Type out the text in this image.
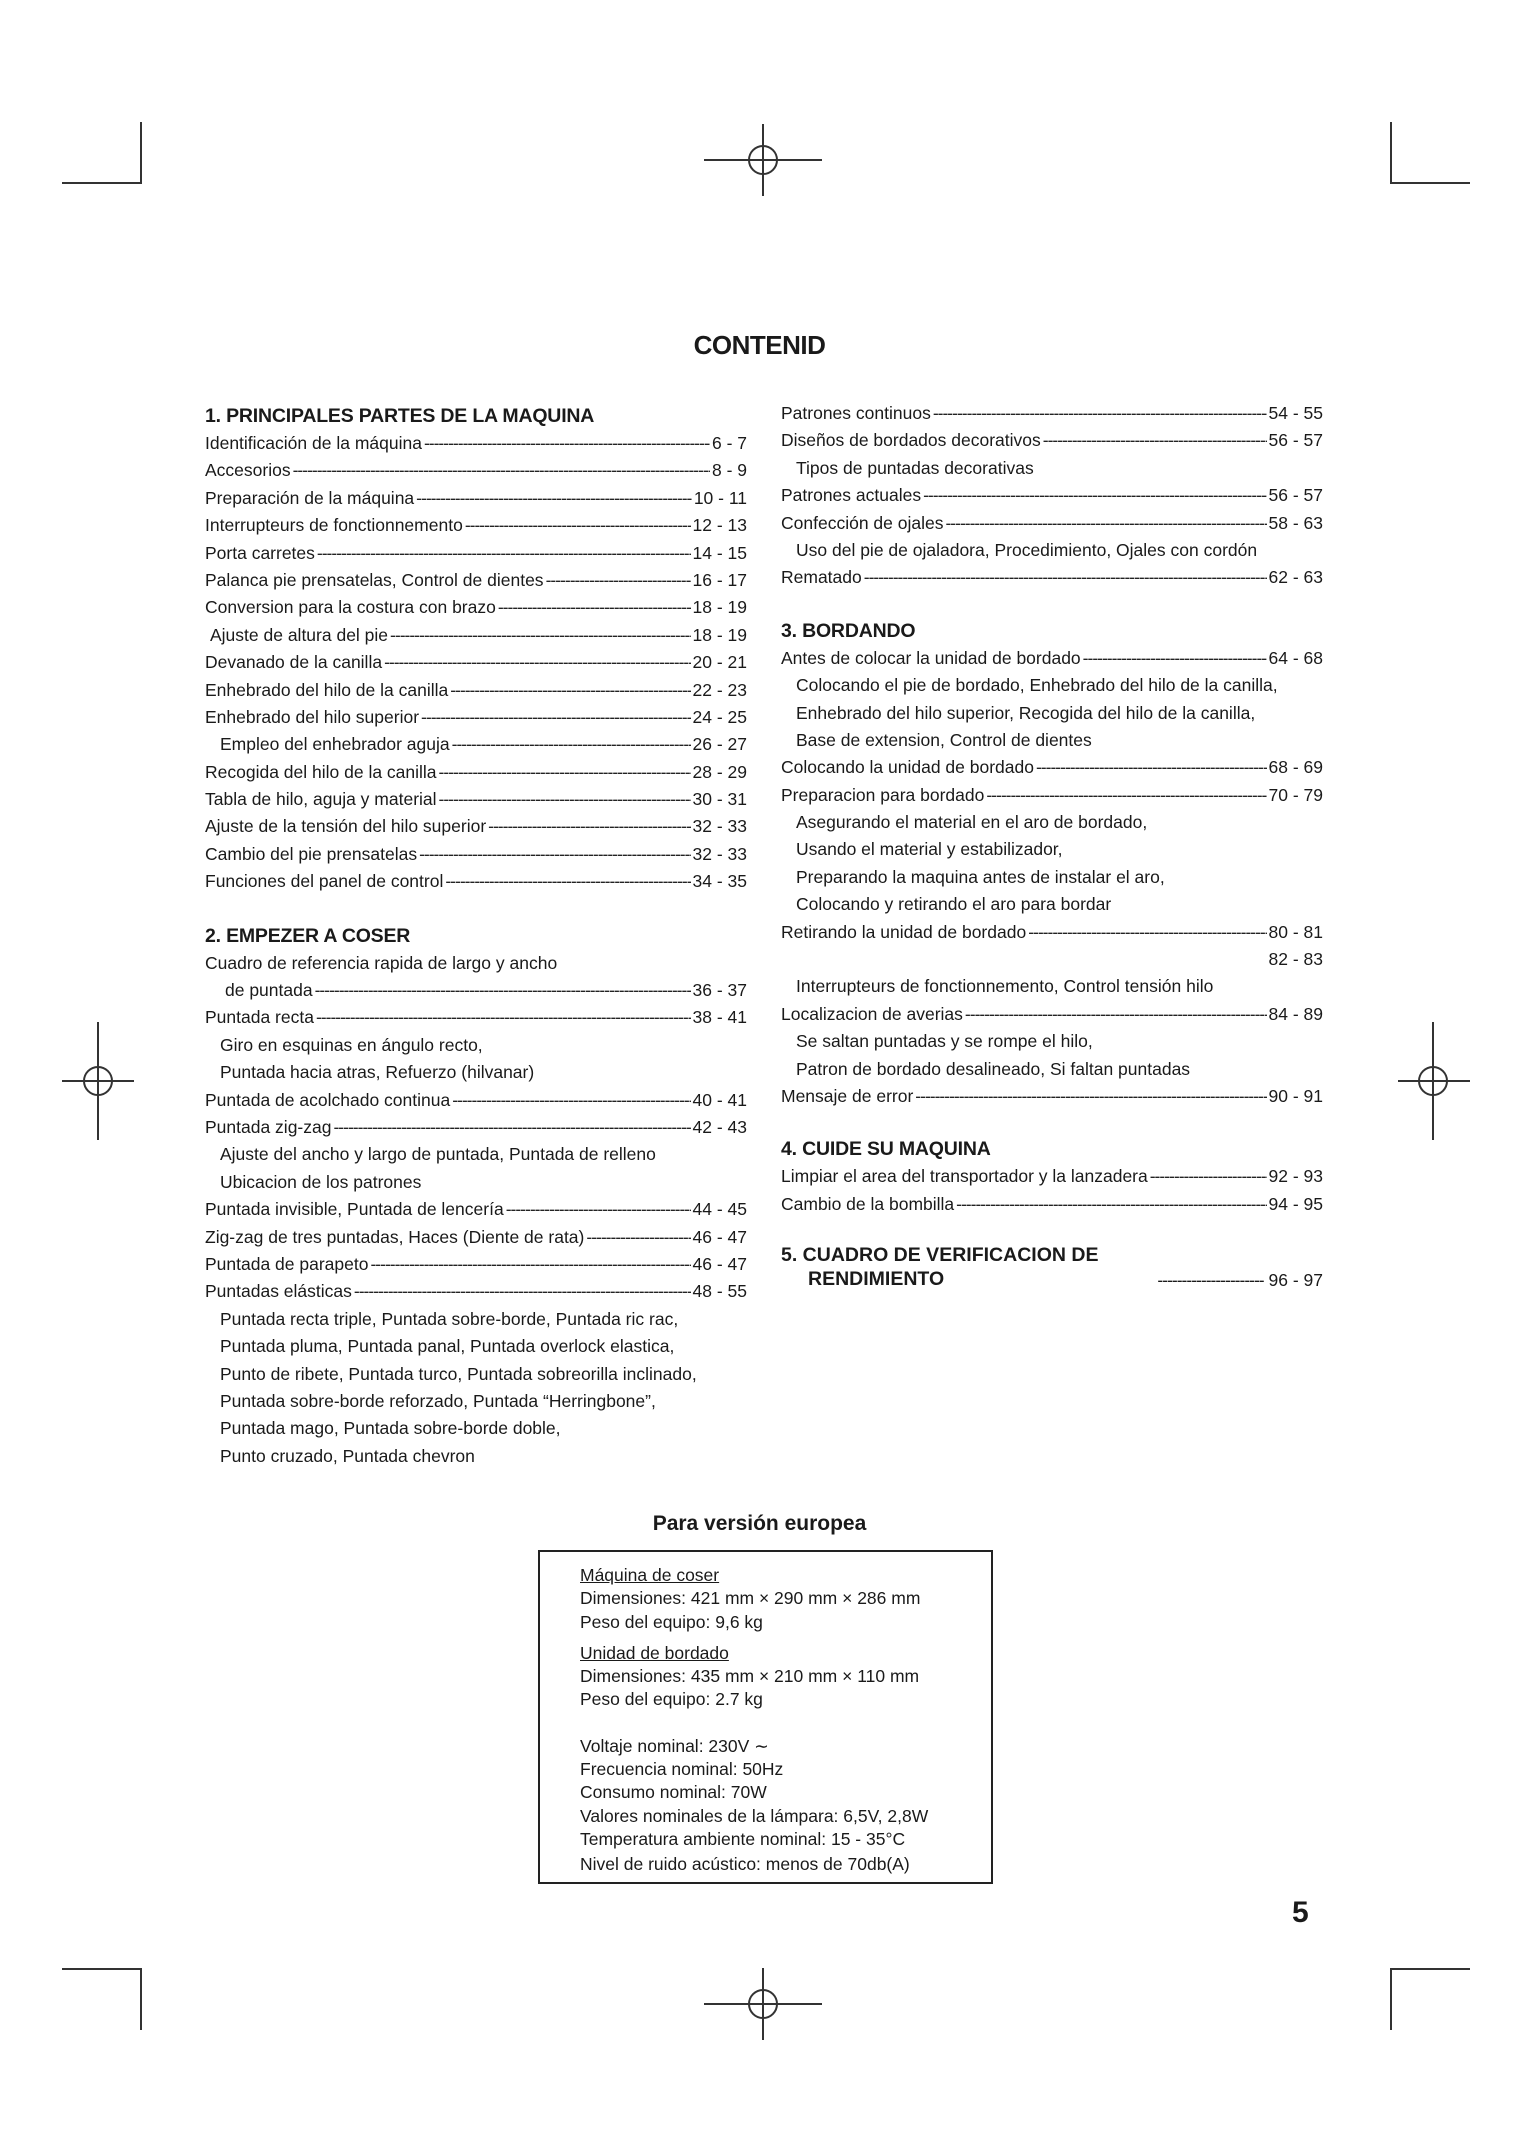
CONTENID
1. PRINCIPALES PARTES DE LA MAQUINA
Identificación de la máquina -----	6 - 7
Accesorios -----	8 - 9
Preparación de la máquina -----	10 - 11
Interrupteurs de fonctionnemento -----	12 - 13
Porta carretes -----	14 - 15
Palanca pie prensatelas, Control de dientes -----	16 - 17
Conversion para la costura con brazo -----	18 - 19
Ajuste de altura del pie -----	18 - 19
Devanado de la canilla -----	20 - 21
Enhebrado del hilo de la canilla -----	22 - 23
Enhebrado del hilo superior -----	24 - 25
Empleo del enhebrador aguja -----	26 - 27
Recogida del hilo de la canilla -----	28 - 29
Tabla de hilo, aguja y material -----	30 - 31
Ajuste de la tensión del hilo superior -----	32 - 33
Cambio del pie prensatelas -----	32 - 33
Funciones del panel de control -----	34 - 35
2. EMPEZER A COSER
Cuadro de referencia rapida de largo y ancho
de puntada -----	36 - 37
Puntada recta -----	38 - 41
Giro en esquinas en ángulo recto,
Puntada hacia atras, Refuerzo (hilvanar)
Puntada de acolchado continua -----	40 - 41
Puntada zig-zag -----	42 - 43
Ajuste del ancho y largo de puntada, Puntada de relleno
Ubicacion de los patrones
Puntada invisible, Puntada de lencería -----	44 - 45
Zig-zag de tres puntadas, Haces (Diente de rata) -----	46 - 47
Puntada de parapeto -----	46 - 47
Puntadas elásticas -----	48 - 55
Puntada recta triple, Puntada sobre-borde, Puntada ric rac,
Puntada pluma, Puntada panal, Puntada overlock elastica,
Punto de ribete, Puntada turco, Puntada sobreorilla inclinado,
Puntada sobre-borde reforzado, Puntada “Herringbone”,
Puntada mago, Puntada sobre-borde doble,
Punto cruzado, Puntada chevron
Patrones continuos -----	54 - 55
Diseños de bordados decorativos -----	56 - 57
Tipos de puntadas decorativas
Patrones actuales -----	56 - 57
Confección de ojales -----	58 - 63
Uso del pie de ojaladora, Procedimiento, Ojales con cordón
Rematado -----	62 - 63
3. BORDANDO
Antes de colocar la unidad de bordado -----	64 - 68
Colocando el pie de bordado, Enhebrado del hilo de la canilla,
Enhebrado del hilo superior, Recogida del hilo de la canilla,
Base de extension, Control de dientes
Colocando la unidad de bordado -----	68 - 69
Preparacion para bordado -----	70 - 79
Asegurando el material en el aro de bordado,
Usando el material y estabilizador,
Preparando la maquina antes de instalar el aro,
Colocando y retirando el aro para bordar
Retirando la unidad de bordado -----	80 - 81
82 - 83
Interrupteurs de fonctionnemento, Control tensión hilo
Localizacion de averias -----	84 - 89
Se saltan puntadas y se rompe el hilo,
Patron de bordado desalineado, Si faltan puntadas
Mensaje de error -----	90 - 91
4. CUIDE SU MAQUINA
Limpiar el area del transportador y la lanzadera -----	92 - 93
Cambio de la bombilla -----	94 - 95
5. CUADRO DE VERIFICACION DE
RENDIMIENTO	---------------------- 96 - 97
Para versión europea
Máquina de coser
Dimensiones: 421 mm × 290 mm × 286 mm
Peso del equipo: 9,6 kg
Unidad de bordado
Dimensiones: 435 mm × 210 mm × 110 mm
Peso del equipo: 2.7 kg
Voltaje nominal: 230V ∼
Frecuencia nominal: 50Hz
Consumo nominal: 70W
Valores nominales de la lámpara: 6,5V, 2,8W
Temperatura ambiente nominal: 15 - 35°C
Nivel de ruido acústico: menos de 70db(A)
5
